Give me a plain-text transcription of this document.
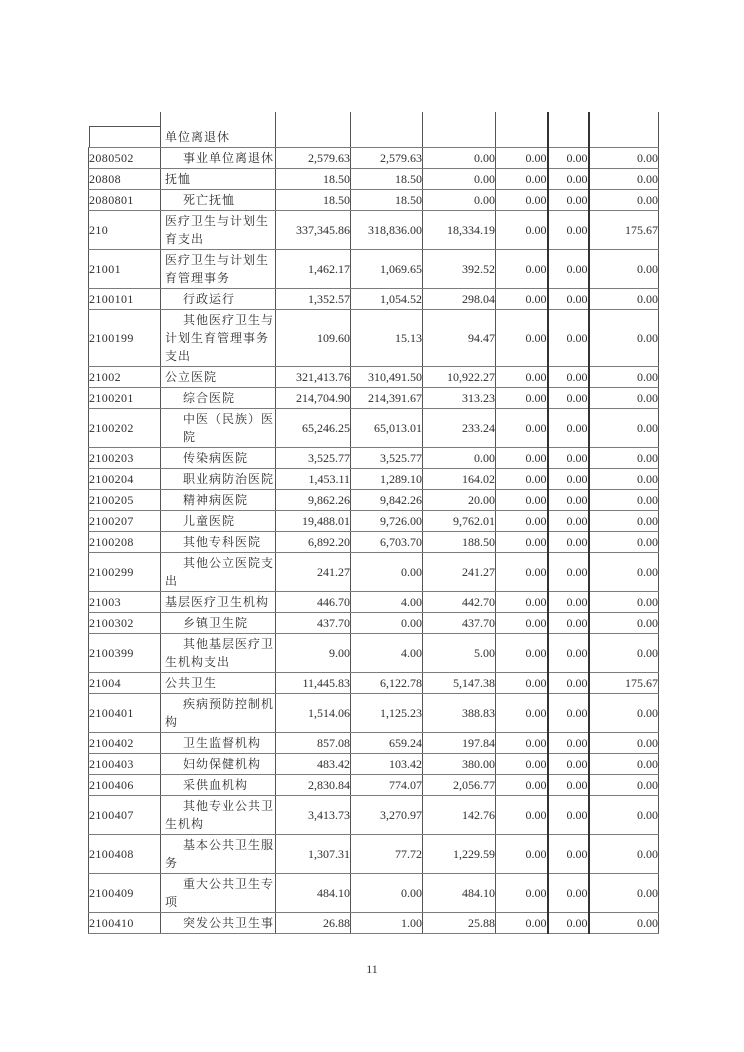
	单位离退休						

2080502	事业单位离退休	2,579.63	2,579.63	0.00	0.00	0.00	0.00
20808	抚恤	18.50	18.50	0.00	0.00	0.00	0.00
2080801	死亡抚恤	18.50	18.50	0.00	0.00	0.00	0.00
210	医疗卫生与计划生
育支出	337,345.86	318,836.00	18,334.19	0.00	0.00	175.67
21001	医疗卫生与计划生
育管理事务	1,462.17	1,069.65	392.52	0.00	0.00	0.00
2100101	行政运行	1,352.57	1,054.52	298.04	0.00	0.00	0.00
2100199	其他医疗卫生与
计划生育管理事务
支出	109.60	15.13	94.47	0.00	0.00	0.00
21002	公立医院	321,413.76	310,491.50	10,922.27	0.00	0.00	0.00
2100201	综合医院	214,704.90	214,391.67	313.23	0.00	0.00	0.00
2100202	中医（民族）医院	65,246.25	65,013.01	233.24	0.00	0.00	0.00
2100203	传染病医院	3,525.77	3,525.77	0.00	0.00	0.00	0.00
2100204	职业病防治医院	1,453.11	1,289.10	164.02	0.00	0.00	0.00
2100205	精神病医院	9,862.26	9,842.26	20.00	0.00	0.00	0.00
2100207	儿童医院	19,488.01	9,726.00	9,762.01	0.00	0.00	0.00
2100208	其他专科医院	6,892.20	6,703.70	188.50	0.00	0.00	0.00
2100299	其他公立医院支
出	241.27	0.00	241.27	0.00	0.00	0.00
21003	基层医疗卫生机构	446.70	4.00	442.70	0.00	0.00	0.00
2100302	乡镇卫生院	437.70	0.00	437.70	0.00	0.00	0.00
2100399	其他基层医疗卫
生机构支出	9.00	4.00	5.00	0.00	0.00	0.00
21004	公共卫生	11,445.83	6,122.78	5,147.38	0.00	0.00	175.67
2100401	疾病预防控制机
构	1,514.06	1,125.23	388.83	0.00	0.00	0.00
2100402	卫生监督机构	857.08	659.24	197.84	0.00	0.00	0.00
2100403	妇幼保健机构	483.42	103.42	380.00	0.00	0.00	0.00
2100406	采供血机构	2,830.84	774.07	2,056.77	0.00	0.00	0.00
2100407	其他专业公共卫
生机构	3,413.73	3,270.97	142.76	0.00	0.00	0.00
2100408	基本公共卫生服
务	1,307.31	77.72	1,229.59	0.00	0.00	0.00
2100409	重大公共卫生专
项	484.10	0.00	484.10	0.00	0.00	0.00
2100410	突发公共卫生事	26.88	1.00	25.88	0.00	0.00	0.00
11
